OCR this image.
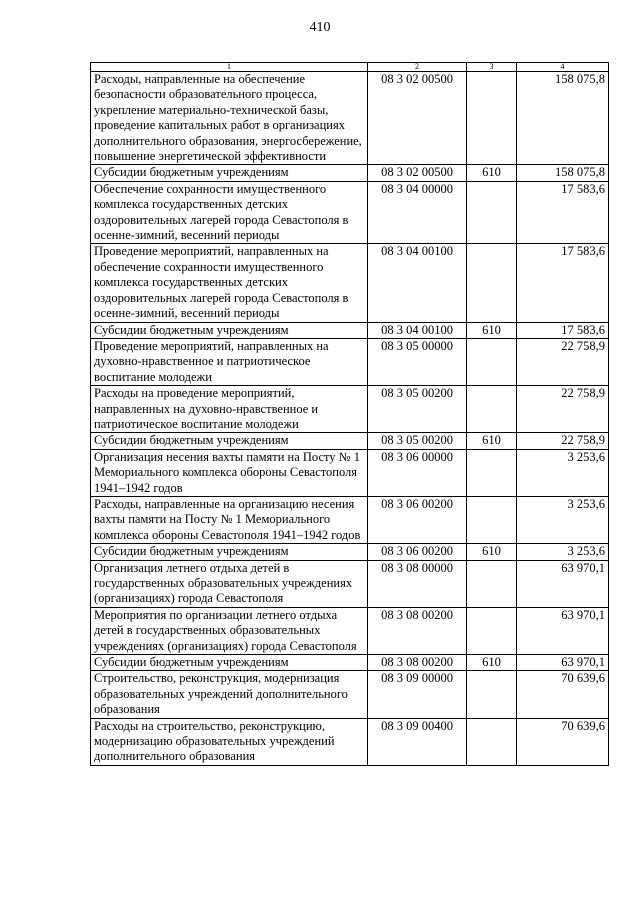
410
1	2	3	4
Расходы, направленные на обеспечение безопасности образовательного процесса, укрепление материально-технической базы, проведение капитальных работ в организациях дополнительного образования, энергосбережение, повышение энергетической эффективности	08 3 02 00500		158 075,8
Субсидии бюджетным учреждениям	08 3 02 00500	610	158 075,8
Обеспечение сохранности имущественного комплекса государственных детских оздоровительных лагерей города Севастополя в осенне-зимний, весенний периоды	08 3 04 00000		17 583,6
Проведение мероприятий, направленных на обеспечение сохранности имущественного комплекса государственных детских оздоровительных лагерей города Севастополя в осенне-зимний, весенний периоды	08 3 04 00100		17 583,6
Субсидии бюджетным учреждениям	08 3 04 00100	610	17 583,6
Проведение мероприятий, направленных на духовно-нравственное и патриотическое воспитание молодежи	08 3 05 00000		22 758,9
Расходы на проведение мероприятий, направленных на духовно-нравственное и патриотическое воспитание молодежи	08 3 05 00200		22 758,9
Субсидии бюджетным учреждениям	08 3 05 00200	610	22 758,9
Организация несения вахты памяти на Посту № 1 Мемориального комплекса обороны Севастополя 1941–1942 годов	08 3 06 00000		3 253,6
Расходы, направленные на организацию несения вахты памяти на Посту № 1 Мемориального комплекса обороны Севастополя 1941–1942 годов	08 3 06 00200		3 253,6
Субсидии бюджетным учреждениям	08 3 06 00200	610	3 253,6
Организация летнего отдыха детей в государственных образовательных учреждениях (организациях) города Севастополя	08 3 08 00000		63 970,1
Мероприятия по организации летнего отдыха детей в государственных образовательных учреждениях (организациях) города Севастополя	08 3 08 00200		63 970,1
Субсидии бюджетным учреждениям	08 3 08 00200	610	63 970,1
Строительство, реконструкция, модернизация образовательных учреждений дополнительного образования	08 3 09 00000		70 639,6
Расходы на строительство, реконструкцию, модернизацию образовательных учреждений дополнительного образования	08 3 09 00400		70 639,6
